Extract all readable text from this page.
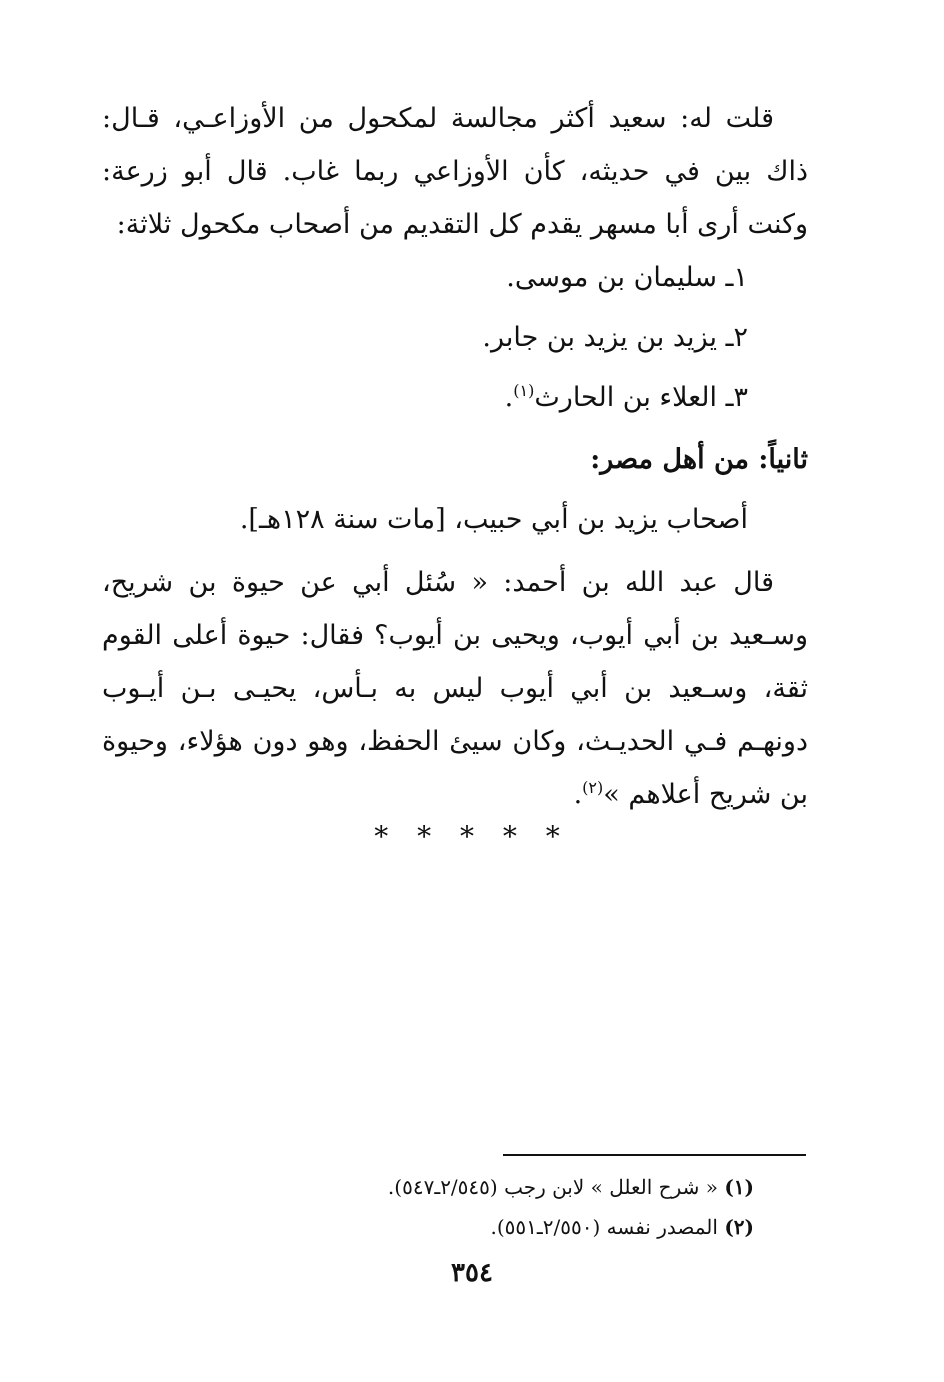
قلت له: سعيد أكثر مجالسة لمكحول من الأوزاعـي، قـال: ذاك بين في حديثه، كأن الأوزاعي ربما غاب. قال أبو زرعة: وكنت أرى أبا مسهر يقدم كل التقديم من أصحاب مكحول ثلاثة:

١ـ سليمان بن موسى.
٢ـ يزيد بن يزيد بن جابر.
٣ـ العلاء بن الحارث$^{(١)}$.
ثانياً: من أهل مصر:
أصحاب يزيد بن أبي حبيب، [مات سنة ١٢٨هـ].

قال عبد الله بن أحمد: « سُئل أبي عن حيوة بن شريح، وسـعيد بن أبي أيوب، ويحيى بن أيوب؟ فقال: حيوة أعلى القوم ثقة، وسـعيد بن أبي أيوب ليس به بـأس، يحيـى بـن أيـوب دونهـم فـي الحديـث، وكان سيئ الحفظ، وهو دون هؤلاء، وحيوة بن شريح أعلاهم »$^{(٢)}$.

* * * * *
(١) « شرح العلل » لابن رجب (٢/٥٤٥ـ٥٤٧).
(٢) المصدر نفسه (٢/٥٥٠ـ٥٥١).
٣٥٤
